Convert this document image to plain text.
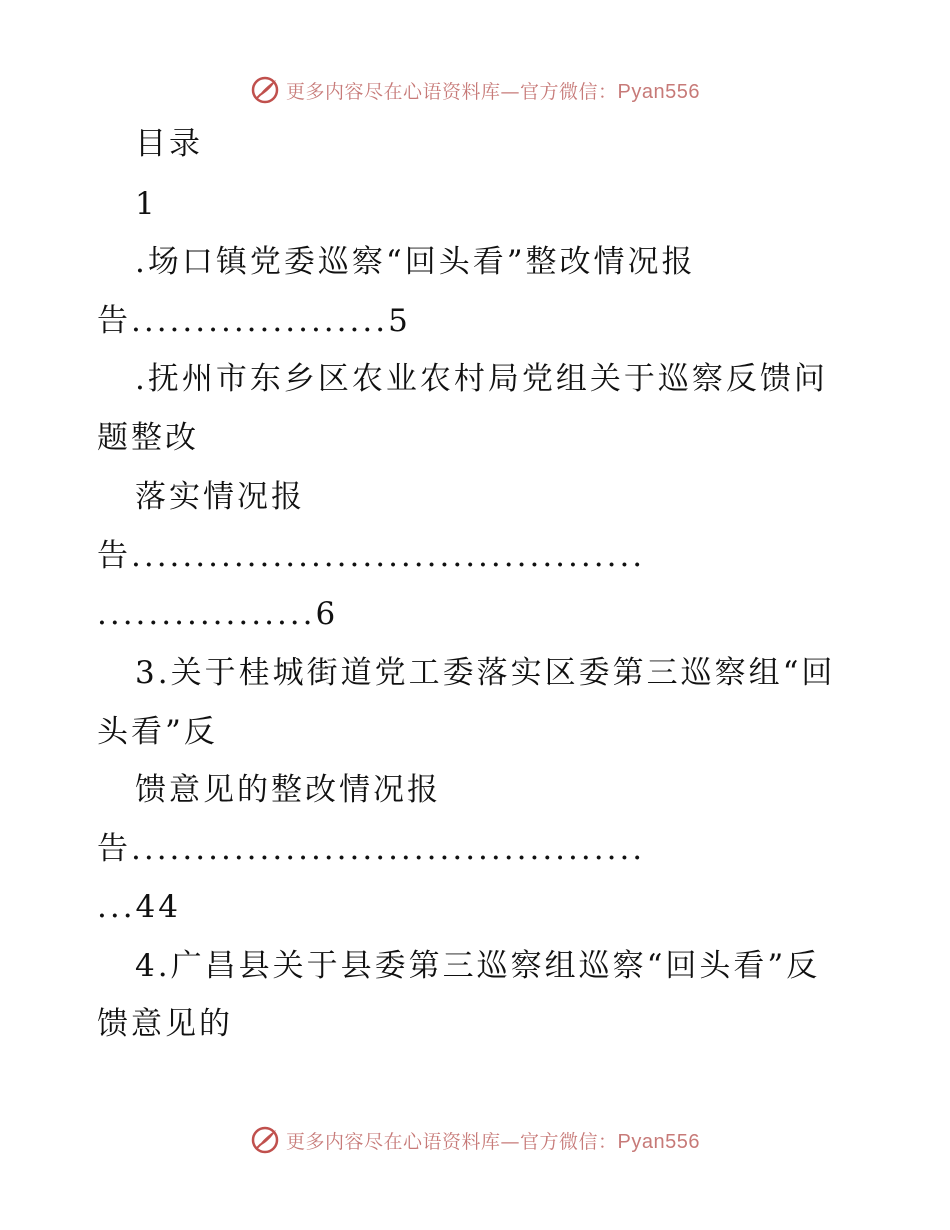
更多内容尽在心语资料库—官方微信：Pyan556
目录
1
.场口镇党委巡察“回头看”整改情况报
告....................5
.抚州市东乡区农业农村局党组关于巡察反馈问
题整改
落实情况报
告........................................
.................6
3.关于桂城街道党工委落实区委第三巡察组“回
头看”反
馈意见的整改情况报
告........................................
...44
4.广昌县关于县委第三巡察组巡察“回头看”反
馈意见的
更多内容尽在心语资料库—官方微信：Pyan556
